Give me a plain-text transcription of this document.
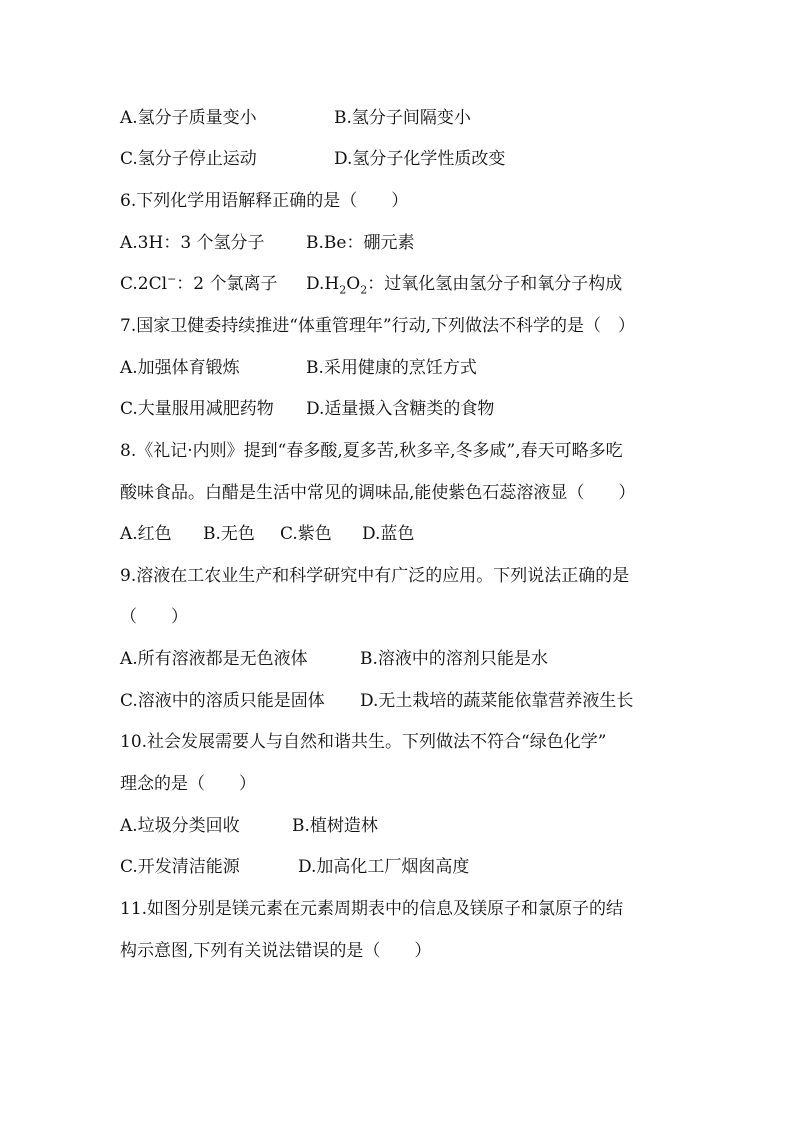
A.氢分子质量变小	B.氢分子间隔变小
C.氢分子停止运动	D.氢分子化学性质改变
6.下列化学用语解释正确的是（　　）
A.3H：3 个氢分子 B.Be：硼元素
C.2Cl−：2 个氯离子 $D.H_2O_2$：过氧化氢由氢分子和氧分子构成
7.国家卫健委持续推进“体重管理年”行动,下列做法不科学的是（　）
A.加强体育锻炼	B.采用健康的烹饪方式
C.大量服用减肥药物 D.适量摄入含糖类的食物
8.《礼记·内则》提到“春多酸,夏多苦,秋多辛,冬多咸”,春天可略多吃
酸味食品。白醋是生活中常见的调味品,能使紫色石蕊溶液显（　　）
A.红色 B.无色 C.紫色 D.蓝色
9.溶液在工农业生产和科学研究中有广泛的应用。下列说法正确的是
（　　）
A.所有溶液都是无色液体	B.溶液中的溶剂只能是水
C.溶液中的溶质只能是固体 D.无土栽培的蔬菜能依靠营养液生长
10.社会发展需要人与自然和谐共生。下列做法不符合“绿色化学”
理念的是（　　）
A.垃圾分类回收	B.植树造林
C.开发清洁能源	D.加高化工厂烟囱高度
11.如图分别是镁元素在元素周期表中的信息及镁原子和氯原子的结
构示意图,下列有关说法错误的是（　　）
